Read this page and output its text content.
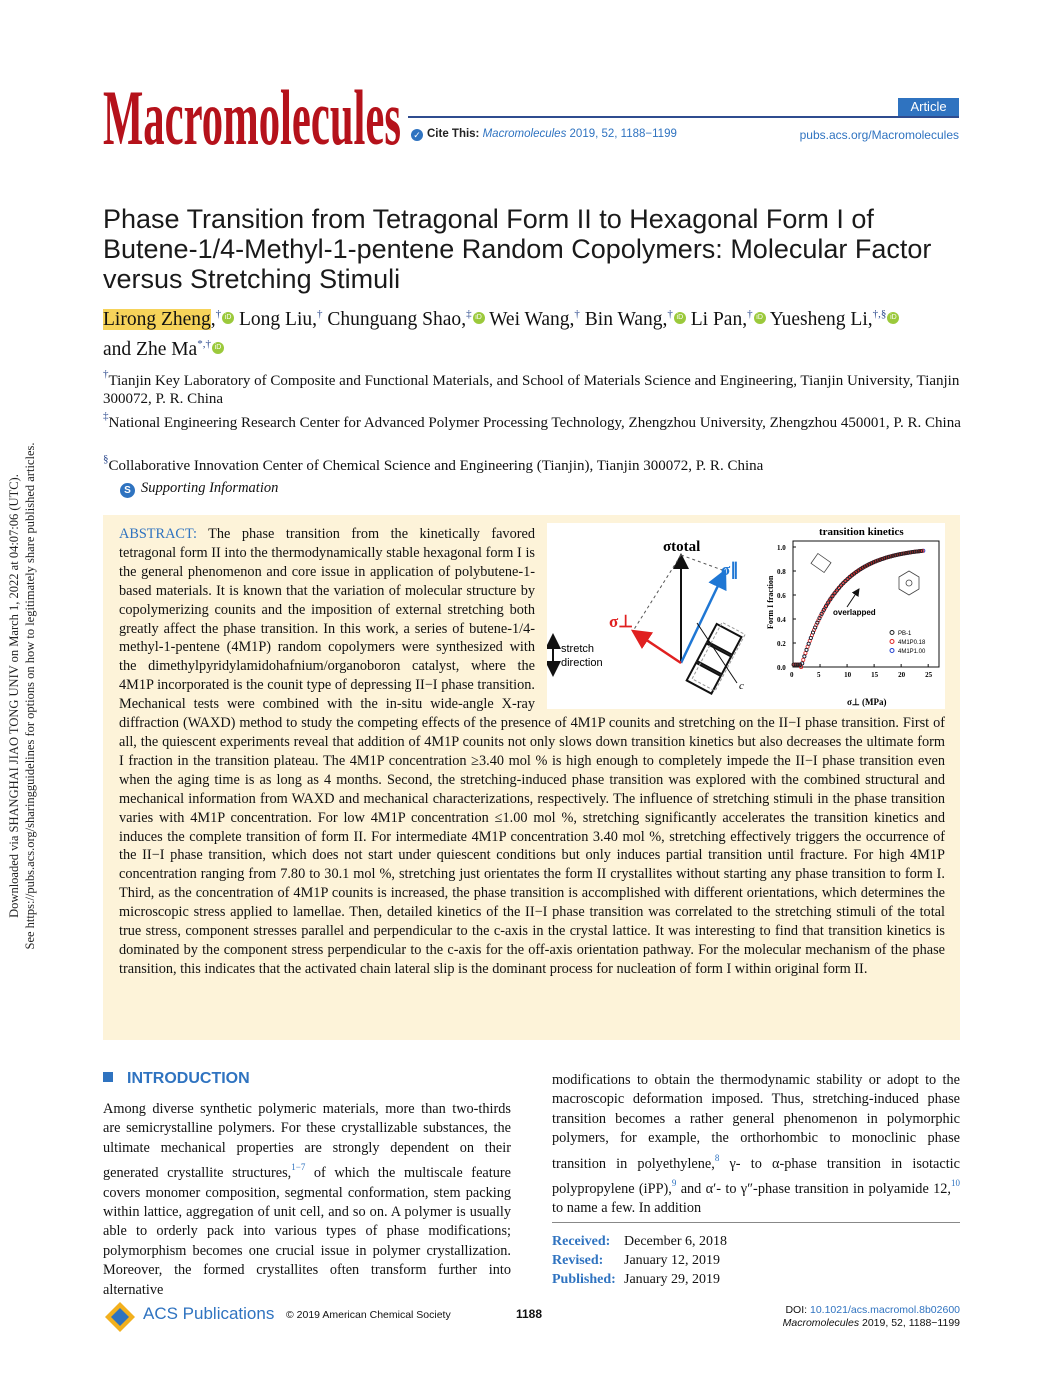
Macromolecules	Article
✓ Cite This: Macromolecules 2019, 52, 1188−1199	pubs.acs.org/Macromolecules
Downloaded via SHANGHAI JIAO TONG UNIV on March 1, 2022 at 04:07:06 (UTC). See https://pubs.acs.org/sharingguidelines for options on how to legitimately share published articles.
Phase Transition from Tetragonal Form II to Hexagonal Form I of Butene-1/4-Methyl-1-pentene Random Copolymers: Molecular Factor versus Stretching Stimuli
Lirong Zheng,† iD Long Liu,† Chunguang Shao,‡ iD Wei Wang,† Bin Wang,† iD Li Pan,† iD Yuesheng Li,†,§ iD
and Zhe Ma*,† iD
†Tianjin Key Laboratory of Composite and Functional Materials, and School of Materials Science and Engineering, Tianjin University, Tianjin 300072, P. R. China
‡National Engineering Research Center for Advanced Polymer Processing Technology, Zhengzhou University, Zhengzhou 450001, P. R. China
§Collaborative Innovation Center of Chemical Science and Engineering (Tianjin), Tianjin 300072, P. R. China
S Supporting Information
ABSTRACT: The phase transition from the kinetically favored tetragonal form II into the thermodynamically stable hexagonal form I is the general phenomenon and core issue in application of polybutene-1-based materials. It is known that the variation of molecular structure by copolymerizing counits and the imposition of external stretching both greatly affect the phase transition. In this work, a series of butene-1/4-methyl-1-pentene (4M1P) random copolymers were synthesized with the dimethylpyridylamidohafnium/organoboron catalyst, where the 4M1P incorporated is the counit type of depressing II−I phase transition. Mechanical tests were combined with the in-situ wide-angle X-ray diffraction (WAXD) method to study the competing effects of the presence of 4M1P counits and stretching on the II−I phase transition. First of all, the quiescent experiments reveal that addition of 4M1P counits not only slows down transition kinetics but also decreases the ultimate form I fraction in the transition plateau. The 4M1P concentration ≥3.40 mol % is high enough to completely impede the II−I phase transition even when the aging time is as long as 4 months. Second, the stretching-induced phase transition was explored with the combined structural and mechanical information from WAXD and mechanical characterizations, respectively. The influence of stretching stimuli in the phase transition varies with 4M1P concentration. For low 4M1P concentration ≤1.00 mol %, stretching significantly accelerates the transition kinetics and induces the complete transition of form II. For intermediate 4M1P concentration 3.40 mol %, stretching effectively triggers the occurrence of the II−I phase transition, which does not start under quiescent conditions but only induces partial transition until fracture. For high 4M1P concentration ranging from 7.80 to 30.1 mol %, stretching just orientates the form II crystallites without starting any phase transition to form I. Third, as the concentration of 4M1P counits is increased, the phase transition is accomplished with different orientations, which determines the microscopic stress applied to lamellae. Then, detailed kinetics of the II−I phase transition was correlated to the stretching stimuli of the total true stress, component stresses parallel and perpendicular to the c-axis in the crystal lattice. It was interesting to find that transition kinetics is dominated by the component stress perpendicular to the c-axis for the off-axis orientation pathway. For the molecular mechanism of the phase transition, this indicates that the activated chain lateral slip is the dominant process for nucleation of form I within original form II.
c
σtotal
σ∥
σ⊥
stretch
direction
transition kinetics
Form I fraction
σ⊥ (MPa)
0	5	10	15	20	25
0.0
0.2
0.4
0.6
0.8
1.0
overlapped
PB-1
4M1P0.18
4M1P1.00
INTRODUCTION
Among diverse synthetic polymeric materials, more than two-thirds are semicrystalline polymers. For these crystallizable substances, the ultimate mechanical properties are strongly dependent on their generated crystallite structures,$^{1-7}$ of which the multiscale feature covers monomer composition, segmental conformation, stem packing within lattice, aggregation of unit cell, and so on. A polymer is usually able to orderly pack into various types of phase modifications; polymorphism becomes one crucial issue in polymer crystallization. Moreover, the formed crystallites often transform further into alternative
modifications to obtain the thermodynamic stability or adopt to the macroscopic deformation imposed. Thus, stretching-induced phase transition becomes a rather general phenomenon in polymorphic polymers, for example, the orthorhombic to monoclinic phase transition in polyethylene,$^8$ γ- to α-phase transition in isotactic polypropylene (iPP),$^9$ and α′- to γ″-phase transition in polyamide 12,10 to name a few. In addition
Received: December 6, 2018
Revised: January 12, 2019
Published: January 29, 2019
ACS Publications © 2019 American Chemical Society	1188	DOI: 10.1021/acs.macromol.8b02600
Macromolecules 2019, 52, 1188−1199
